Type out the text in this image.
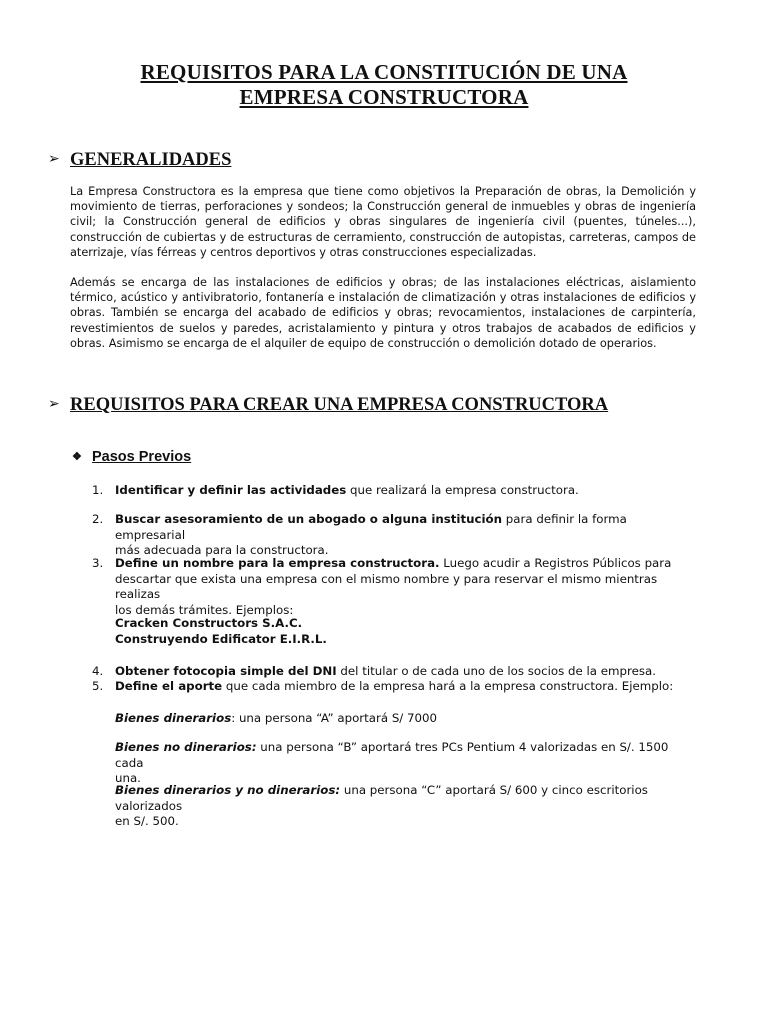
REQUISITOS PARA LA CONSTITUCIÓN DE UNA
EMPRESA CONSTRUCTORA
➢ GENERALIDADES
La Empresa Constructora es la empresa que tiene como objetivos la Preparación de obras, la Demolición y
movimiento de tierras, perforaciones y sondeos; la Construcción general de inmuebles y obras de ingeniería
civil; la Construcción general de edificios y obras singulares de ingeniería civil (puentes, túneles...),
construcción de cubiertas y de estructuras de cerramiento, construcción de autopistas, carreteras, campos de
aterrizaje, vías férreas y centros deportivos y otras construcciones especializadas.
Además se encarga de las instalaciones de edificios y obras; de las instalaciones eléctricas, aislamiento
térmico, acústico y antivibratorio, fontanería e instalación de climatización y otras instalaciones de edificios y
obras. También se encarga del acabado de edificios y obras; revocamientos, instalaciones de carpintería,
revestimientos de suelos y paredes, acristalamiento y pintura y otros trabajos de acabados de edificios y
obras. Asimismo se encarga de el alquiler de equipo de construcción o demolición dotado de operarios.
➢ REQUISITOS PARA CREAR UNA EMPRESA CONSTRUCTORA
❖ Pasos Previos
1. Identificar y definir las actividades que realizará la empresa constructora.
2. Buscar asesoramiento de un abogado o alguna institución para definir la forma empresarial
más adecuada para la constructora.
3. Define un nombre para la empresa constructora. Luego acudir a Registros Públicos para
descartar que exista una empresa con el mismo nombre y para reservar el mismo mientras realizas
los demás trámites. Ejemplos:
Cracken Constructors S.A.C.
Construyendo Edificator E.I.R.L.
4. Obtener fotocopia simple del DNI del titular o de cada uno de los socios de la empresa.
5. Define el aporte que cada miembro de la empresa hará a la empresa constructora. Ejemplo:
Bienes dinerarios: una persona “A” aportará S/ 7000
Bienes no dinerarios: una persona “B” aportará tres PCs Pentium 4 valorizadas en S/. 1500 cada
una.
Bienes dinerarios y no dinerarios: una persona “C” aportará S/ 600 y cinco escritorios valorizados
en S/. 500.
